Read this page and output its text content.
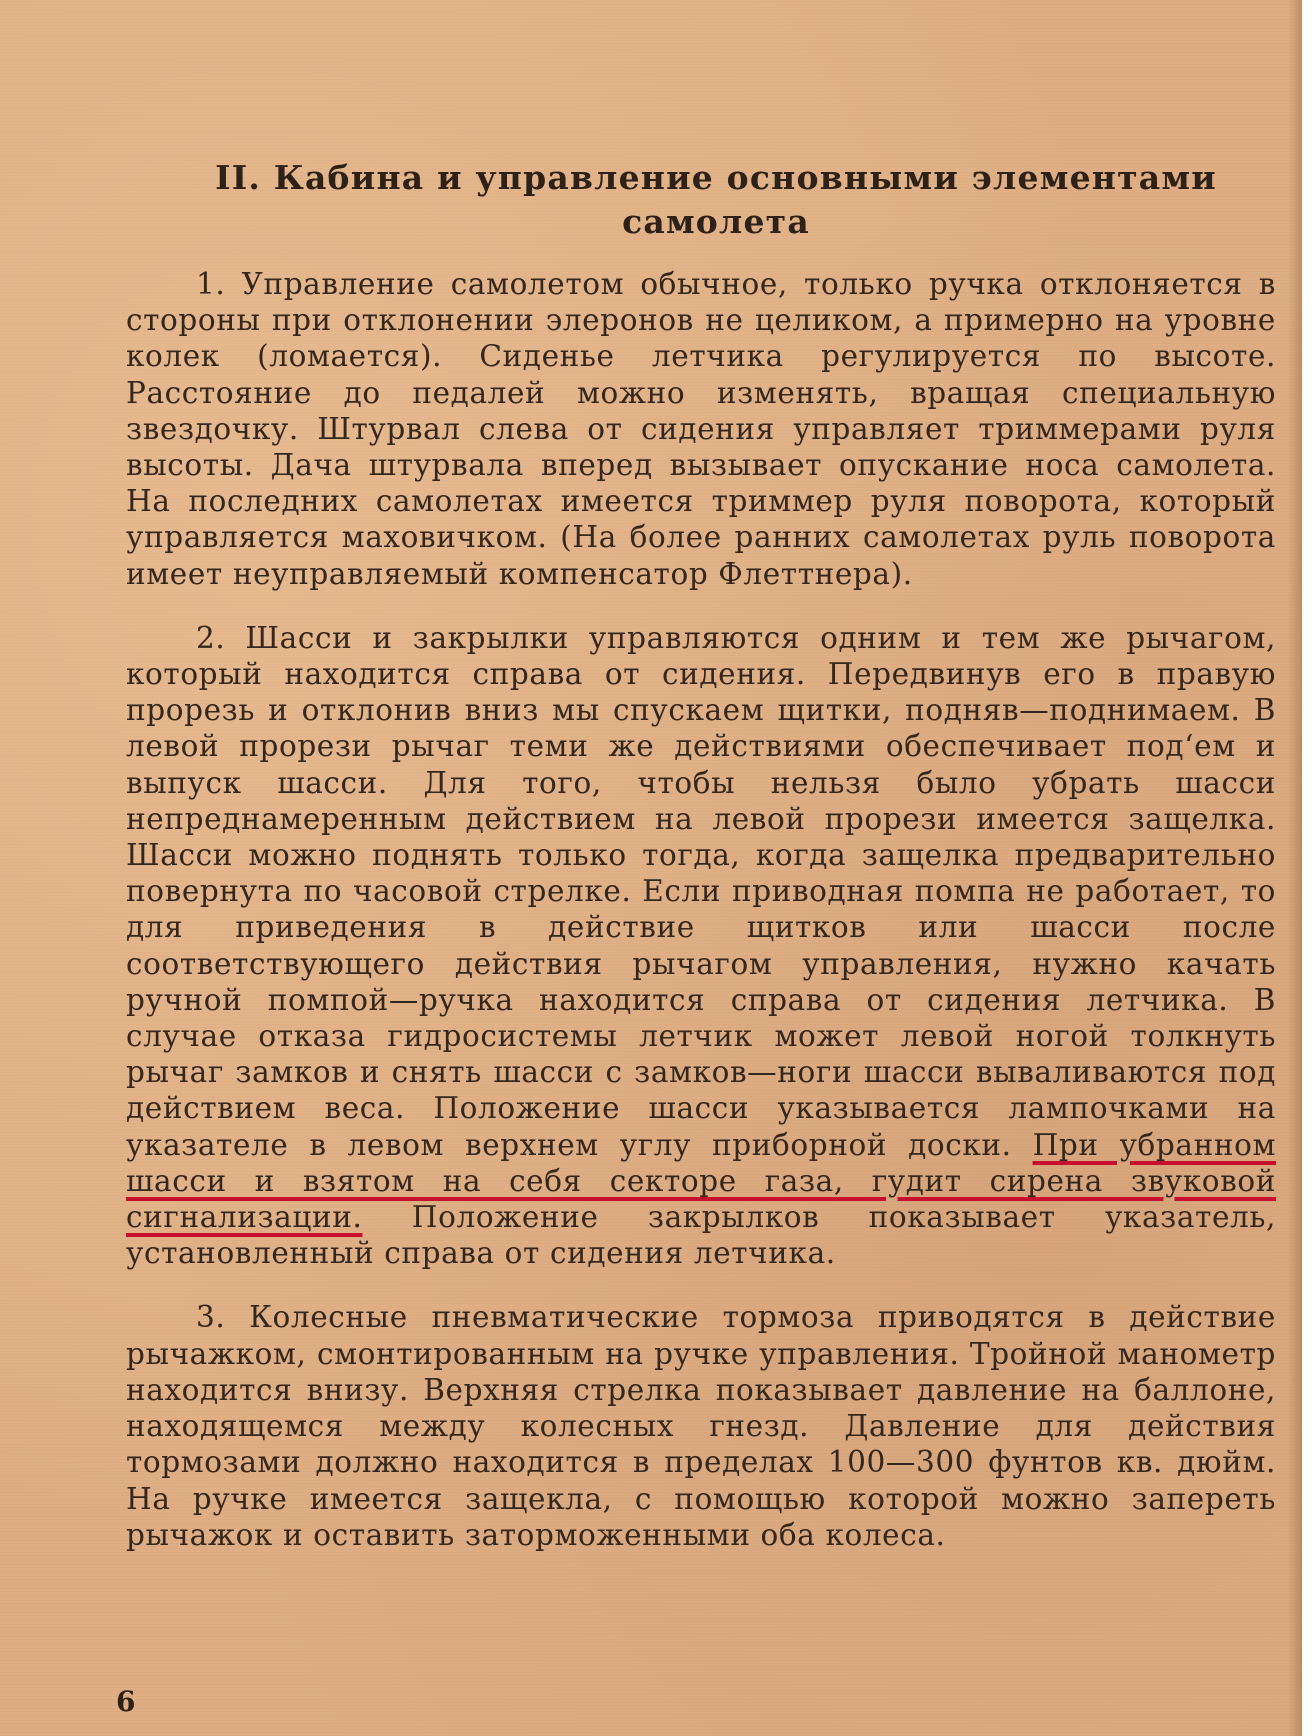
II. Кабина и управление основными элементами
самолета

1. Управление самолетом обычное, только ручка отклоняется в стороны при отклонении элеронов не целиком, а примерно на уровне колек (ломается). Сиденье летчика регулируется по высоте. Расстояние до педалей можно изменять, вращая специальную звездочку. Штурвал слева от сидения управляет триммерами руля высоты. Дача штурвала вперед вызывает опускание носа самолета. На последних самолетах имеется триммер руля поворота, который управляется маховичком. (На более ранних самолетах руль поворота имеет неуправляемый компенсатор Флеттнера).

2. Шасси и закрылки управляются одним и тем же рычагом, который находится справа от сидения. Передвинув его в правую прорезь и отклонив вниз мы спускаем щитки, подняв—поднимаем. В левой прорези рычаг теми же действиями обеспечивает под‘ем и выпуск шасси. Для того, чтобы нельзя было убрать шасси непреднамеренным действием на левой прорези имеется защелка. Шасси можно поднять только тогда, когда защелка предварительно повернута по часовой стрелке. Если приводная помпа не работает, то для приведения в действие щитков или шасси после соответствующего действия рычагом управления, нужно качать ручной помпой—ручка находится справа от сидения летчика. В случае отказа гидросистемы летчик может левой ногой толкнуть рычаг замков и снять шасси с замков—ноги шасси вываливаются под действием веса. Положение шасси указывается лампочками на указателе в левом верхнем углу приборной доски. При убранном шасси и взятом на себя секторе газа, гудит сирена звуковой сигнализации. Положение закрылков показывает указатель, установленный справа от сидения летчика.

3. Колесные пневматические тормоза приводятся в действие рычажком, смонтированным на ручке управления. Тройной манометр находится внизу. Верхняя стрелка показывает давление на баллоне, находящемся между колесных гнезд. Давление для действия тормозами должно находится в пределах 100—300 фунтов кв. дюйм. На ручке имеется защекла, с помощью которой можно запереть рычажок и оставить заторможенными оба колеса.

6
